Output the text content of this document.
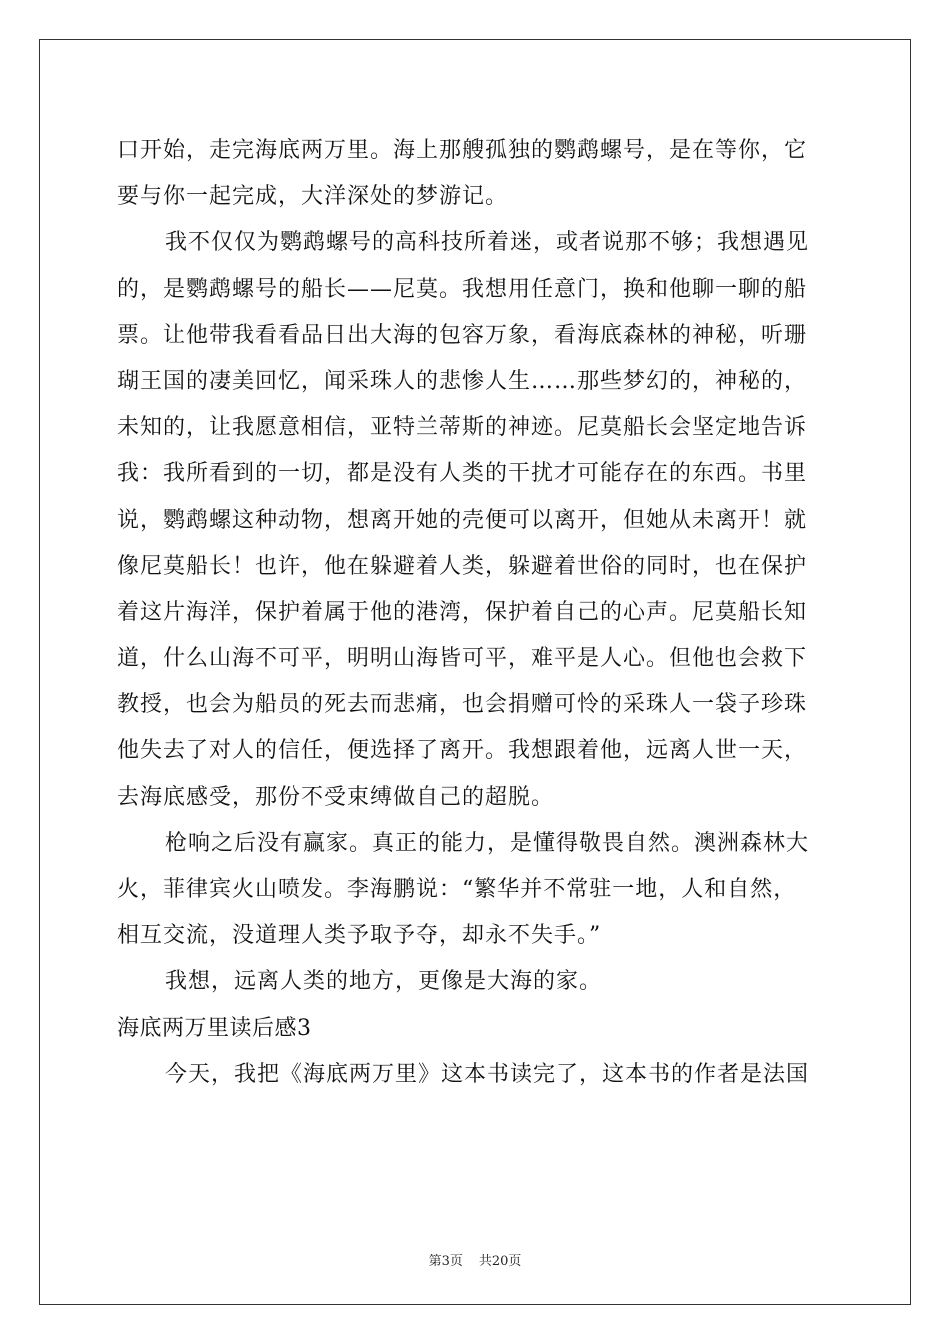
口开始，走完海底两万里。海上那艘孤独的鹦鹉螺号，是在等你，它
要与你一起完成，大洋深处的梦游记。
我不仅仅为鹦鹉螺号的高科技所着迷，或者说那不够；我想遇见
的，是鹦鹉螺号的船长——尼莫。我想用任意门，换和他聊一聊的船
票。让他带我看看品日出大海的包容万象，看海底森林的神秘，听珊
瑚王国的凄美回忆，闻采珠人的悲惨人生……那些梦幻的，神秘的，
未知的，让我愿意相信，亚特兰蒂斯的神迹。尼莫船长会坚定地告诉
我：我所看到的一切，都是没有人类的干扰才可能存在的东西。书里
说，鹦鹉螺这种动物，想离开她的壳便可以离开，但她从未离开！就
像尼莫船长！也许，他在躲避着人类，躲避着世俗的同时，也在保护
着这片海洋，保护着属于他的港湾，保护着自己的心声。尼莫船长知
道，什么山海不可平，明明山海皆可平，难平是人心。但他也会救下
教授，也会为船员的死去而悲痛，也会捐赠可怜的采珠人一袋子珍珠
他失去了对人的信任，便选择了离开。我想跟着他，远离人世一天，
去海底感受，那份不受束缚做自己的超脱。
枪响之后没有赢家。真正的能力，是懂得敬畏自然。澳洲森林大
火，菲律宾火山喷发。李海鹏说：“繁华并不常驻一地，人和自然，
相互交流，没道理人类予取予夺，却永不失手。”
我想，远离人类的地方，更像是大海的家。
海底两万里读后感3
今天，我把《海底两万里》这本书读完了，这本书的作者是法国
第3页 共20页
